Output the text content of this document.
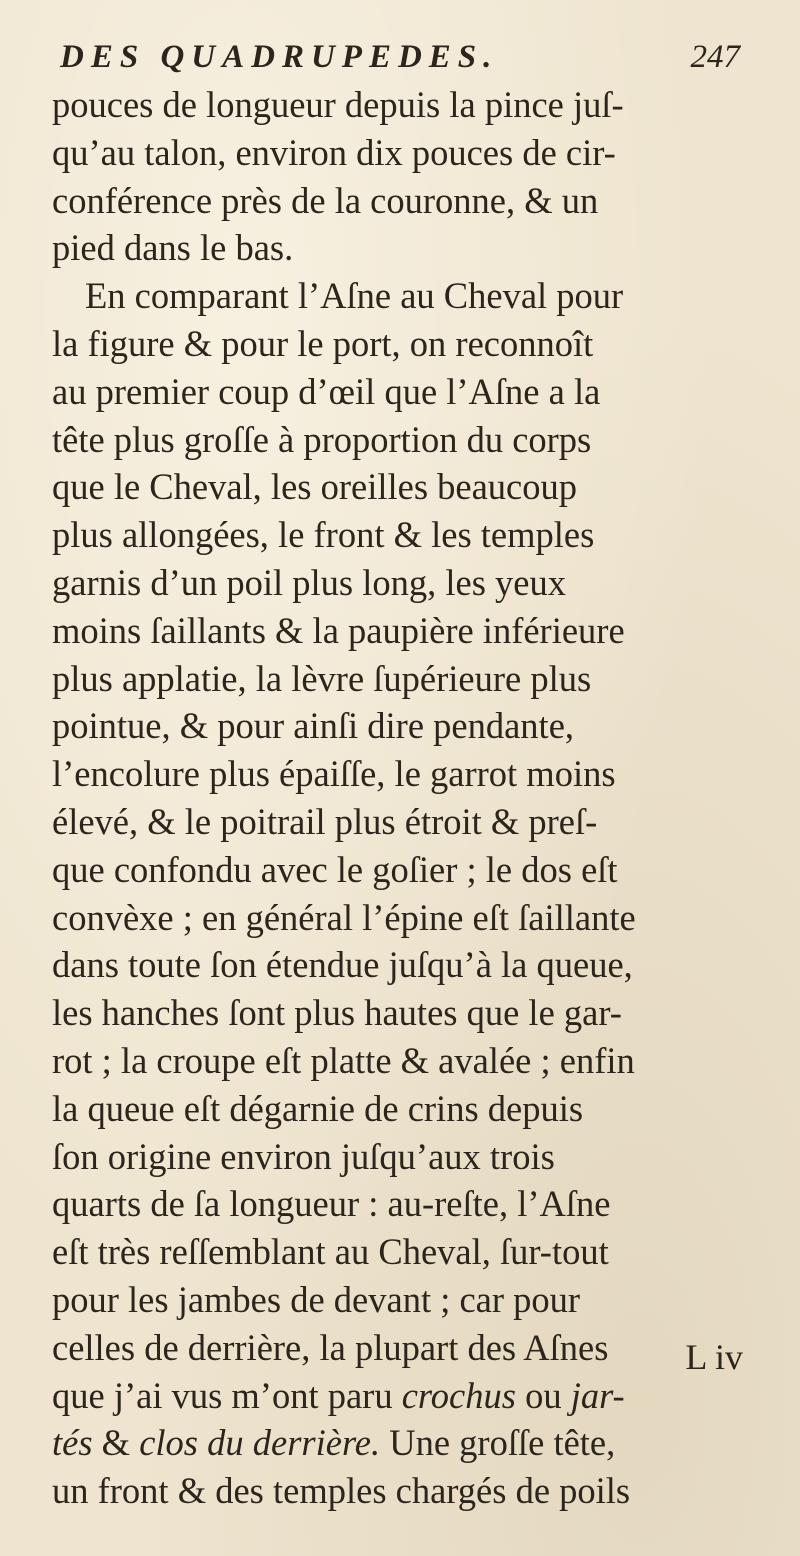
DES QUADRUPEDES.	247
pouces de longueur depuis la pince juſ-
qu’au talon, environ dix pouces de cir-
conférence près de la couronne, & un
pied dans le bas.
En comparant l’Aſne au Cheval pour
la figure & pour le port, on reconnoît
au premier coup d’œil que l’Aſne a la
tête plus groſſe à proportion du corps
que le Cheval, les oreilles beaucoup
plus allongées, le front & les temples
garnis d’un poil plus long, les yeux
moins ſaillants & la paupière inférieure
plus applatie, la lèvre ſupérieure plus
pointue, & pour ainſi dire pendante,
l’encolure plus épaiſſe, le garrot moins
élevé, & le poitrail plus étroit & preſ-
que confondu avec le goſier ; le dos eſt
convèxe ; en général l’épine eſt ſaillante
dans toute ſon étendue juſqu’à la queue,
les hanches ſont plus hautes que le gar-
rot ; la croupe eſt platte & avalée ; enfin
la queue eſt dégarnie de crins depuis
ſon origine environ juſqu’aux trois
quarts de ſa longueur : au-reſte, l’Aſne
eſt très reſſemblant au Cheval, ſur-tout
pour les jambes de devant ; car pour
celles de derrière, la plupart des Aſnes
que j’ai vus m’ont paru crochus ou jar-
tés & clos du derrière. Une groſſe tête,
un front & des temples chargés de poils
L iv
